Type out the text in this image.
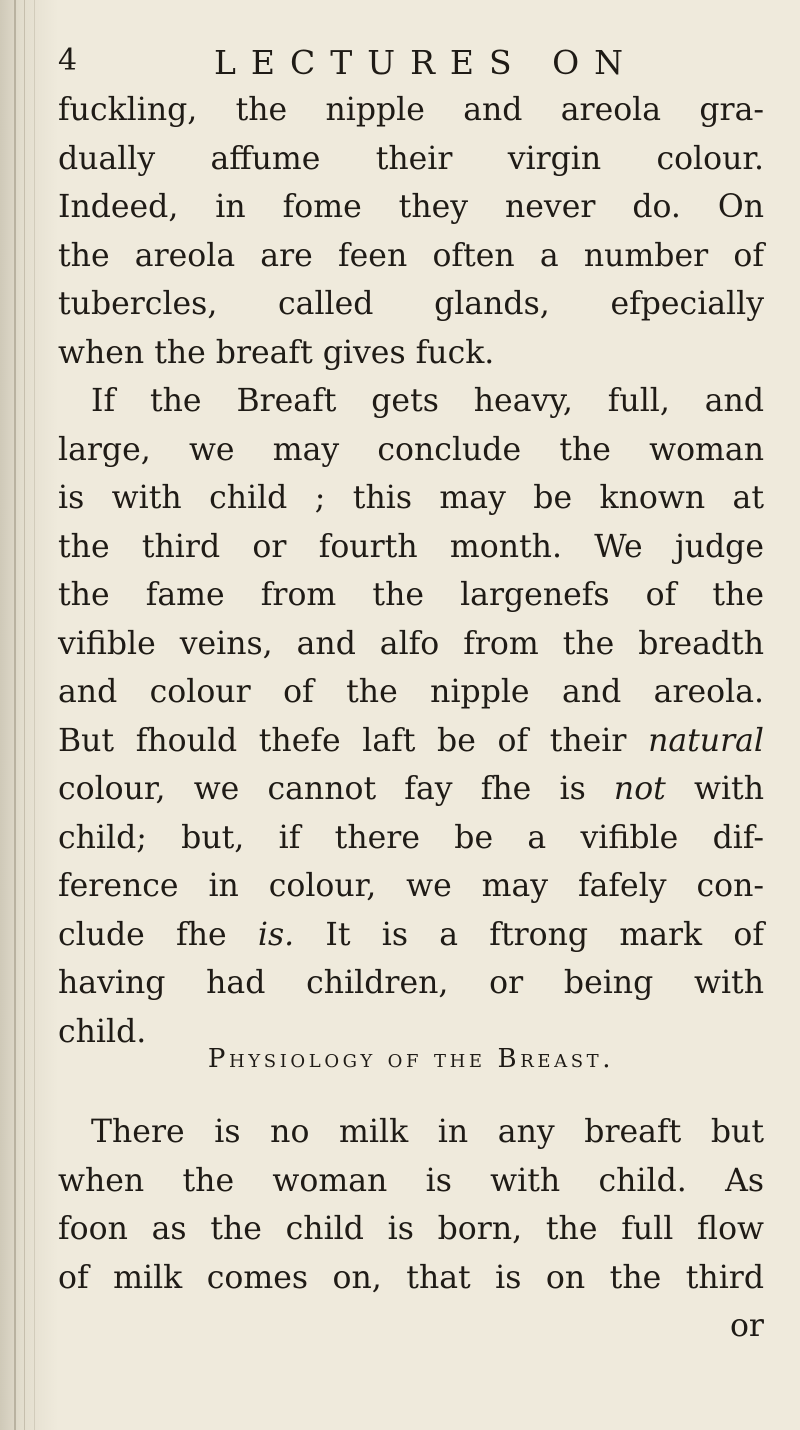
4	LECTURES ON
fuckling, the nipple and areola gra-
dually affume their virgin colour.
Indeed, in fome they never do. On
the areola are feen often a number of
tubercles, called glands, efpecially
when the breaft gives fuck.
If the Breaft gets heavy, full, and
large, we may conclude the woman
is with child ; this may be known at
the third or fourth month. We judge
the fame from the largenefs of the
vifible veins, and alfo from the breadth
and colour of the nipple and areola.
But fhould thefe laft be of their natural
colour, we cannot fay fhe is not with
child; but, if there be a vifible dif-
ference in colour, we may fafely con-
clude fhe is. It is a ftrong mark of
having had children, or being with
child.
Physiology of the Breast.
There is no milk in any breaft but
when the woman is with child. As
foon as the child is born, the full flow
of milk comes on, that is on the third
or
